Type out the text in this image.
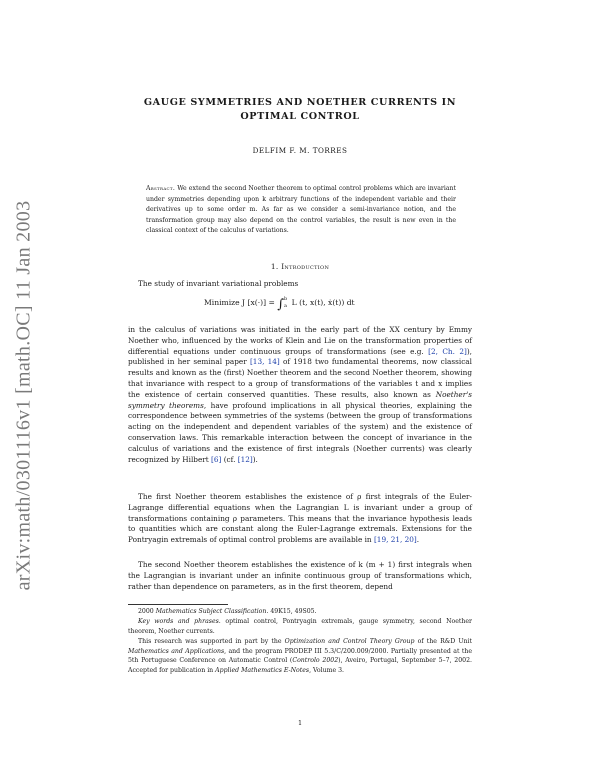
arXiv:math/0301116v1 [math.OC] 11 Jan 2003
GAUGE SYMMETRIES AND NOETHER CURRENTS IN
OPTIMAL CONTROL
DELFIM F. M. TORRES
Abstract. We extend the second Noether theorem to optimal control problems which are invariant under symmetries depending upon k arbitrary functions of the independent variable and their derivatives up to some order m. As far as we consider a semi-invariance notion, and the transformation group may also depend on the control variables, the result is new even in the classical context of the calculus of variations.
1. Introduction

The study of invariant variational problems

Minimize J [x(·)] = ∫ b
a L (t, x(t), ẋ(t)) dt

in the calculus of variations was initiated in the early part of the XX century by Emmy Noether who, influenced by the works of Klein and Lie on the transformation properties of differential equations under continuous groups of transformations (see e.g. [2, Ch. 2]), published in her seminal paper [13, 14] of 1918 two fundamental theorems, now classical results and known as the (first) Noether theorem and the second Noether theorem, showing that invariance with respect to a group of transformations of the variables t and x implies the existence of certain conserved quantities. These results, also known as Noether's symmetry theorems, have profound implications in all physical theories, explaining the correspondence between symmetries of the systems (between the group of transformations acting on the independent and dependent variables of the system) and the existence of conservation laws. This remarkable interaction between the concept of invariance in the calculus of variations and the existence of first integrals (Noether currents) was clearly recognized by Hilbert [6] (cf. [12]).

The first Noether theorem establishes the existence of ρ first integrals of the Euler-Lagrange differential equations when the Lagrangian L is invariant under a group of transformations containing ρ parameters. This means that the invariance hypothesis leads to quantities which are constant along the Euler-Lagrange extremals. Extensions for the Pontryagin extremals of optimal control problems are available in [19, 21, 20].

The second Noether theorem establishes the existence of k (m + 1) first integrals when the Lagrangian is invariant under an infinite continuous group of transformations which, rather than dependence on parameters, as in the first theorem, depend

2000 Mathematics Subject Classification. 49K15, 49S05.

Key words and phrases. optimal control, Pontryagin extremals, gauge symmetry, second Noether theorem, Noether currents.

This research was supported in part by the Optimization and Control Theory Group of the R&D Unit Mathematics and Applications, and the program PRODEP III 5.3/C/200.009/2000. Partially presented at the 5th Portuguese Conference on Automatic Control (Controlo 2002), Aveiro, Portugal, September 5–7, 2002. Accepted for publication in Applied Mathematics E-Notes, Volume 3.

1
